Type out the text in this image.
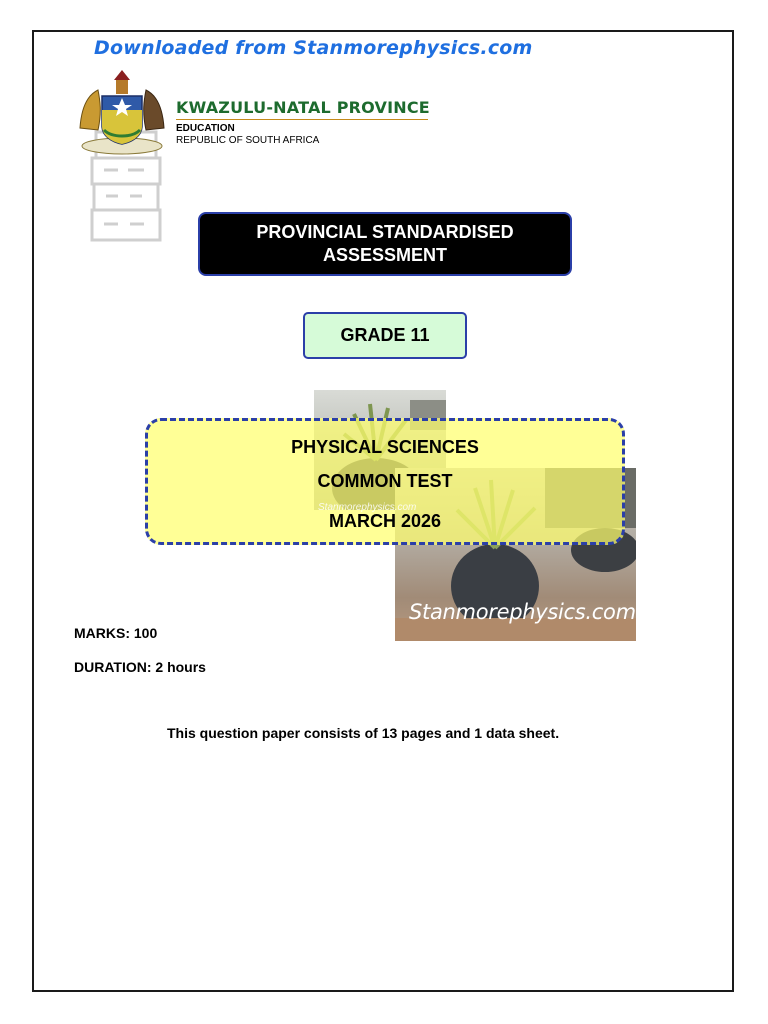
Downloaded from Stanmorephysics.com
KWAZULU-NATAL PROVINCE
EDUCATION
REPUBLIC OF SOUTH AFRICA
PROVINCIAL STANDARDISED
ASSESSMENT
GRADE 11
PHYSICAL SCIENCES
COMMON TEST
MARCH 2026
Stanmorephysics.com
Stanmorephysics.com
MARKS: 100
DURATION: 2 hours
This question paper consists of 13 pages and 1 data sheet.
